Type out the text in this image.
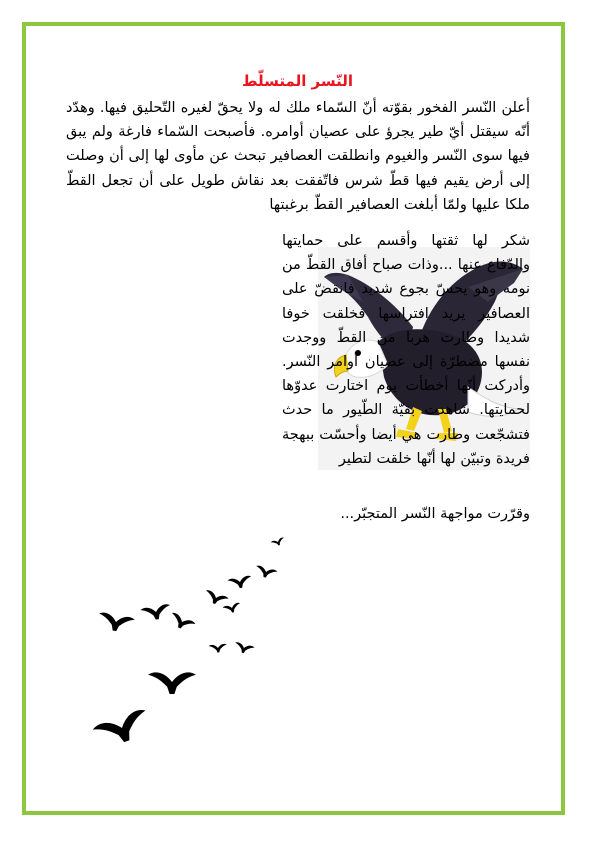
النّسر المتسلّط

أعلن النّسر الفخور بقوّته أنّ السّماء ملك له ولا يحقّ لغيره التّحليق فيها. وهدّد أنّه سيقتل أيّ طير يجرؤ على عصيان أوامره. فأصبحت السّماء فارغة ولم يبق فيها سوى النّسر والغيوم وانطلقت العصافير تبحث عن مأوى لها إلى أن وصلت إلى أرض يقيم فيها قطّ شرس فاتّفقت بعد نقاش طويل على أن تجعل القطّ ملكا عليها ولمّا أبلغت العصافير القطّ برغبتها

شكر لها ثقتها وأقسم على حمايتها والدّفاع عنها ...وذات صباح أفاق القطّ من نومه وهو يحسّ بجوع شديد فانقضّ على العصافير يريد افتراسها فخلقت خوفا شديدا وطارت هربا من القطّ ووجدت نفسها مضطرّة إلى عصيان أوامر النّسر. وأدركت أنّها أخطأت يوم اختارت عدوّها لحمايتها. شاهدت بقيّة الطّيور ما حدث فتشجّعت وطارت هي أيضا وأحسّت ببهجة فريدة وتبيّن لها أنّها خلقت لتطير

وقرّرت مواجهة النّسر المتجبّر...
